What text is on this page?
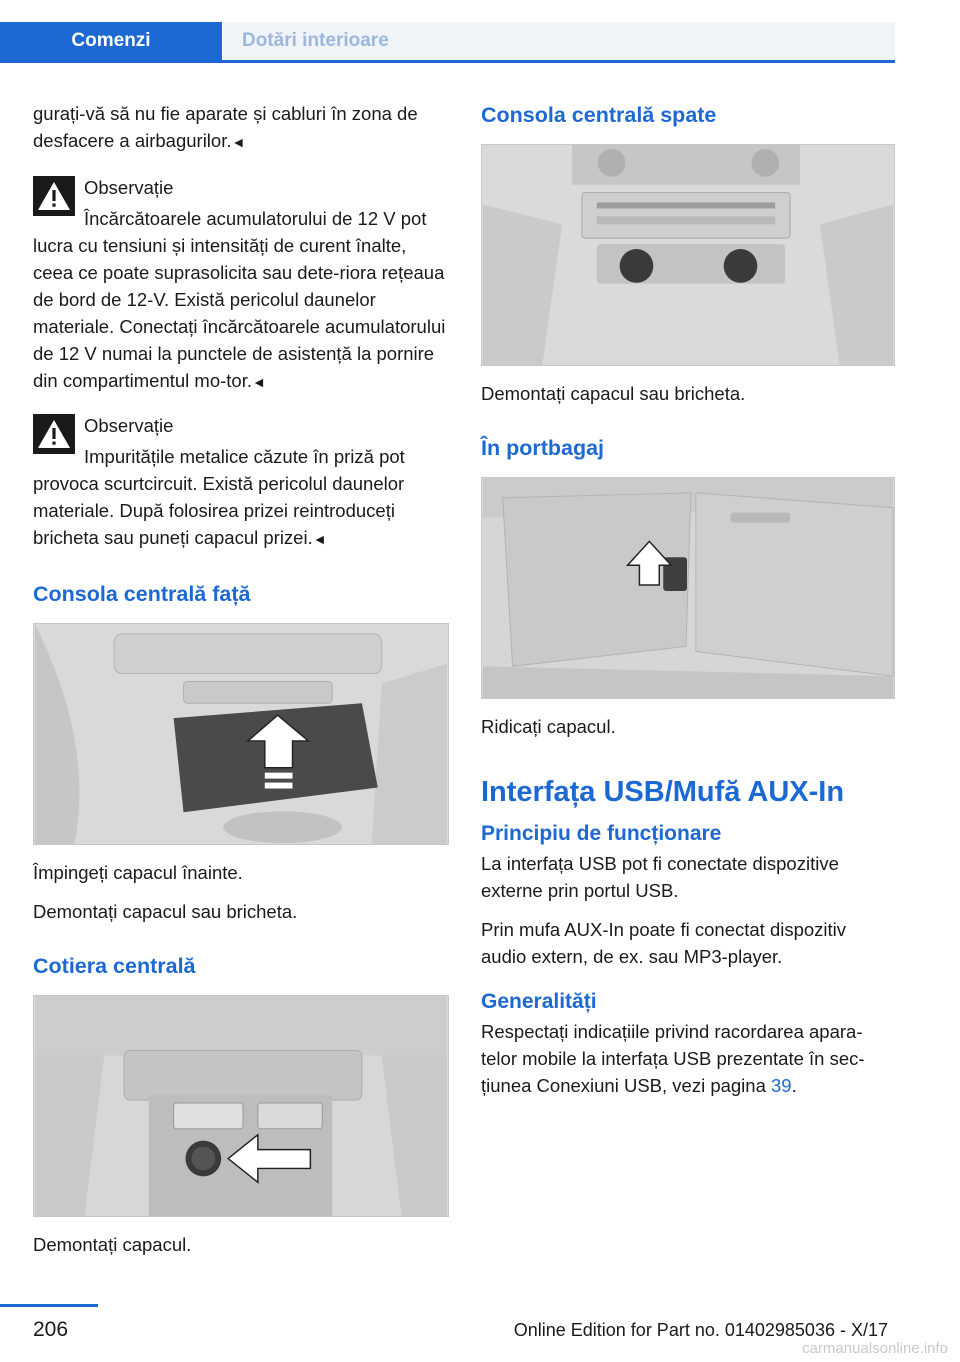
Comenzi	Dotări interioare

gurați-vă să nu fie aparate și cabluri în zona de desfacere a airbagurilor.◄

Observație

Încărcătoarele acumulatorului de 12 V pot lucra cu tensiuni și intensități de curent înalte, ceea ce poate suprasolicita sau dete-riora rețeaua de bord de 12-V. Există pericolul daunelor materiale. Conectați încărcătoarele acumulatorului de 12 V numai la punctele de asistență la pornire din compartimentul mo-tor.◄

Observație

Impuritățile metalice căzute în priză pot provoca scurtcircuit. Există pericolul daunelor materiale. După folosirea prizei reintroduceți bricheta sau puneți capacul prizei.◄

Consola centrală față

Împingeți capacul înainte.

Demontați capacul sau bricheta.

Cotiera centrală

Demontați capacul.

Consola centrală spate

Demontați capacul sau bricheta.

În portbagaj

Ridicați capacul.

Interfața USB/Mufă AUX-In
Principiu de funcționare

La interfața USB pot fi conectate dispozitive externe prin portul USB.

Prin mufa AUX-In poate fi conectat dispozitiv audio extern, de ex. sau MP3-player.

Generalități

Respectați indicațiile privind racordarea apara-telor mobile la interfața USB prezentate în sec-țiunea Conexiuni USB, vezi pagina 39.

206	Online Edition for Part no. 01402985036 - X/17
carmanualsonline.info
